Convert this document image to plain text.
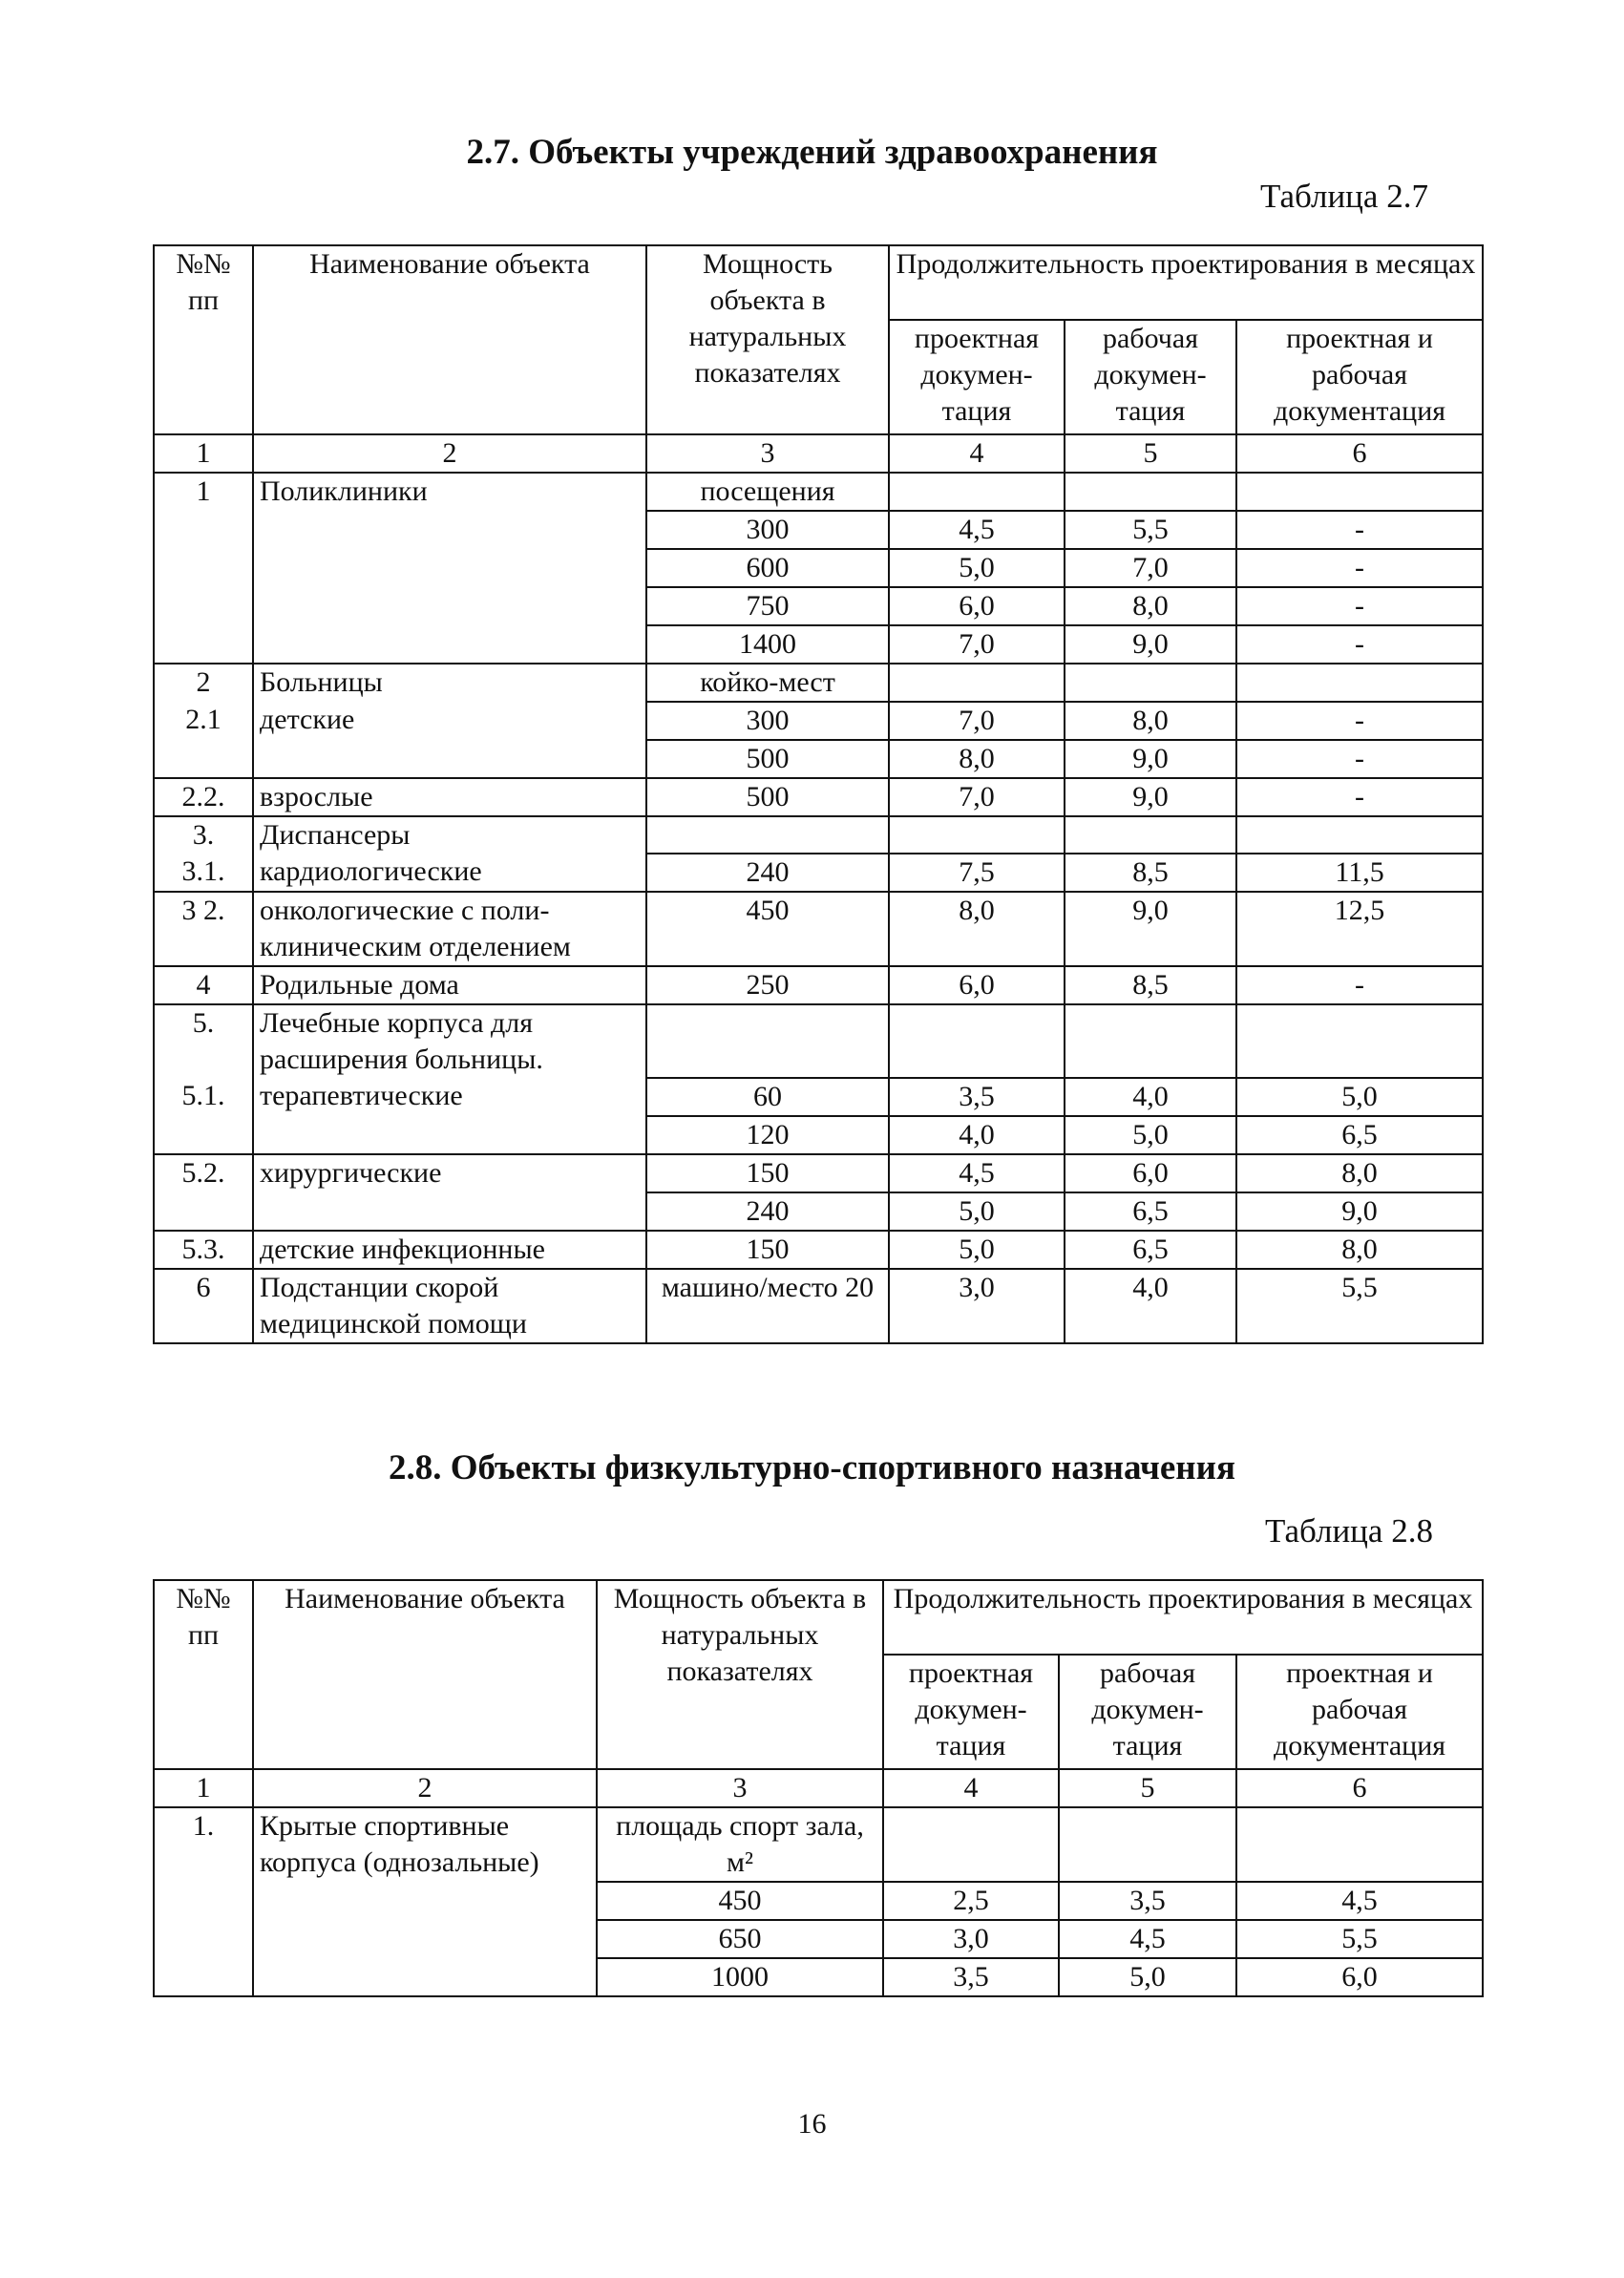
2.7. Объекты учреждений здравоохранения
Таблица 2.7
№№ пп	Наименование объекта	Мощность объекта в натуральных показателях	Продолжительность проектирования в месяцах		
			проектная докумен-тация	рабочая докумен-тация	проектная и рабочая документация
1	2	3	4	5	6
1	Поликлиники	посещения			
		300	4,5	5,5	-
		600	5,0	7,0	-
		750	6,0	8,0	-
		1400	7,0	9,0	-
2	Больницы	койко-мест			
2.1	детские	300	7,0	8,0	-
		500	8,0	9,0	-
2.2.	взрослые	500	7,0	9,0	-
3.	Диспансеры				
3.1.	кардиологические	240	7,5	8,5	11,5
3 2.	онкологические с поли-клиническим отделением	450	8,0	9,0	12,5
4	Родильные дома	250	6,0	8,5	-
5.	Лечебные корпуса для расширения больницы.				
5.1.	терапевтические	60	3,5	4,0	5,0
		120	4,0	5,0	6,5
5.2.	хирургические	150	4,5	6,0	8,0
		240	5,0	6,5	9,0
5.3.	детские инфекционные	150	5,0	6,5	8,0
6	Подстанции скорой медицинской помощи	машино/место 20	3,0	4,0	5,5
2.8. Объекты физкультурно-спортивного назначения
Таблица 2.8
№№ пп	Наименование объекта	Мощность объекта в натуральных показателях	Продолжительность проектирования в месяцах		
			проектная докумен-тация	рабочая докумен-тация	проектная и рабочая документация
1	2	3	4	5	6
1.	Крытые спортивные корпуса (однозальные)	площадь спорт зала, м²			
		450	2,5	3,5	4,5
		650	3,0	4,5	5,5
		1000	3,5	5,0	6,0
16
